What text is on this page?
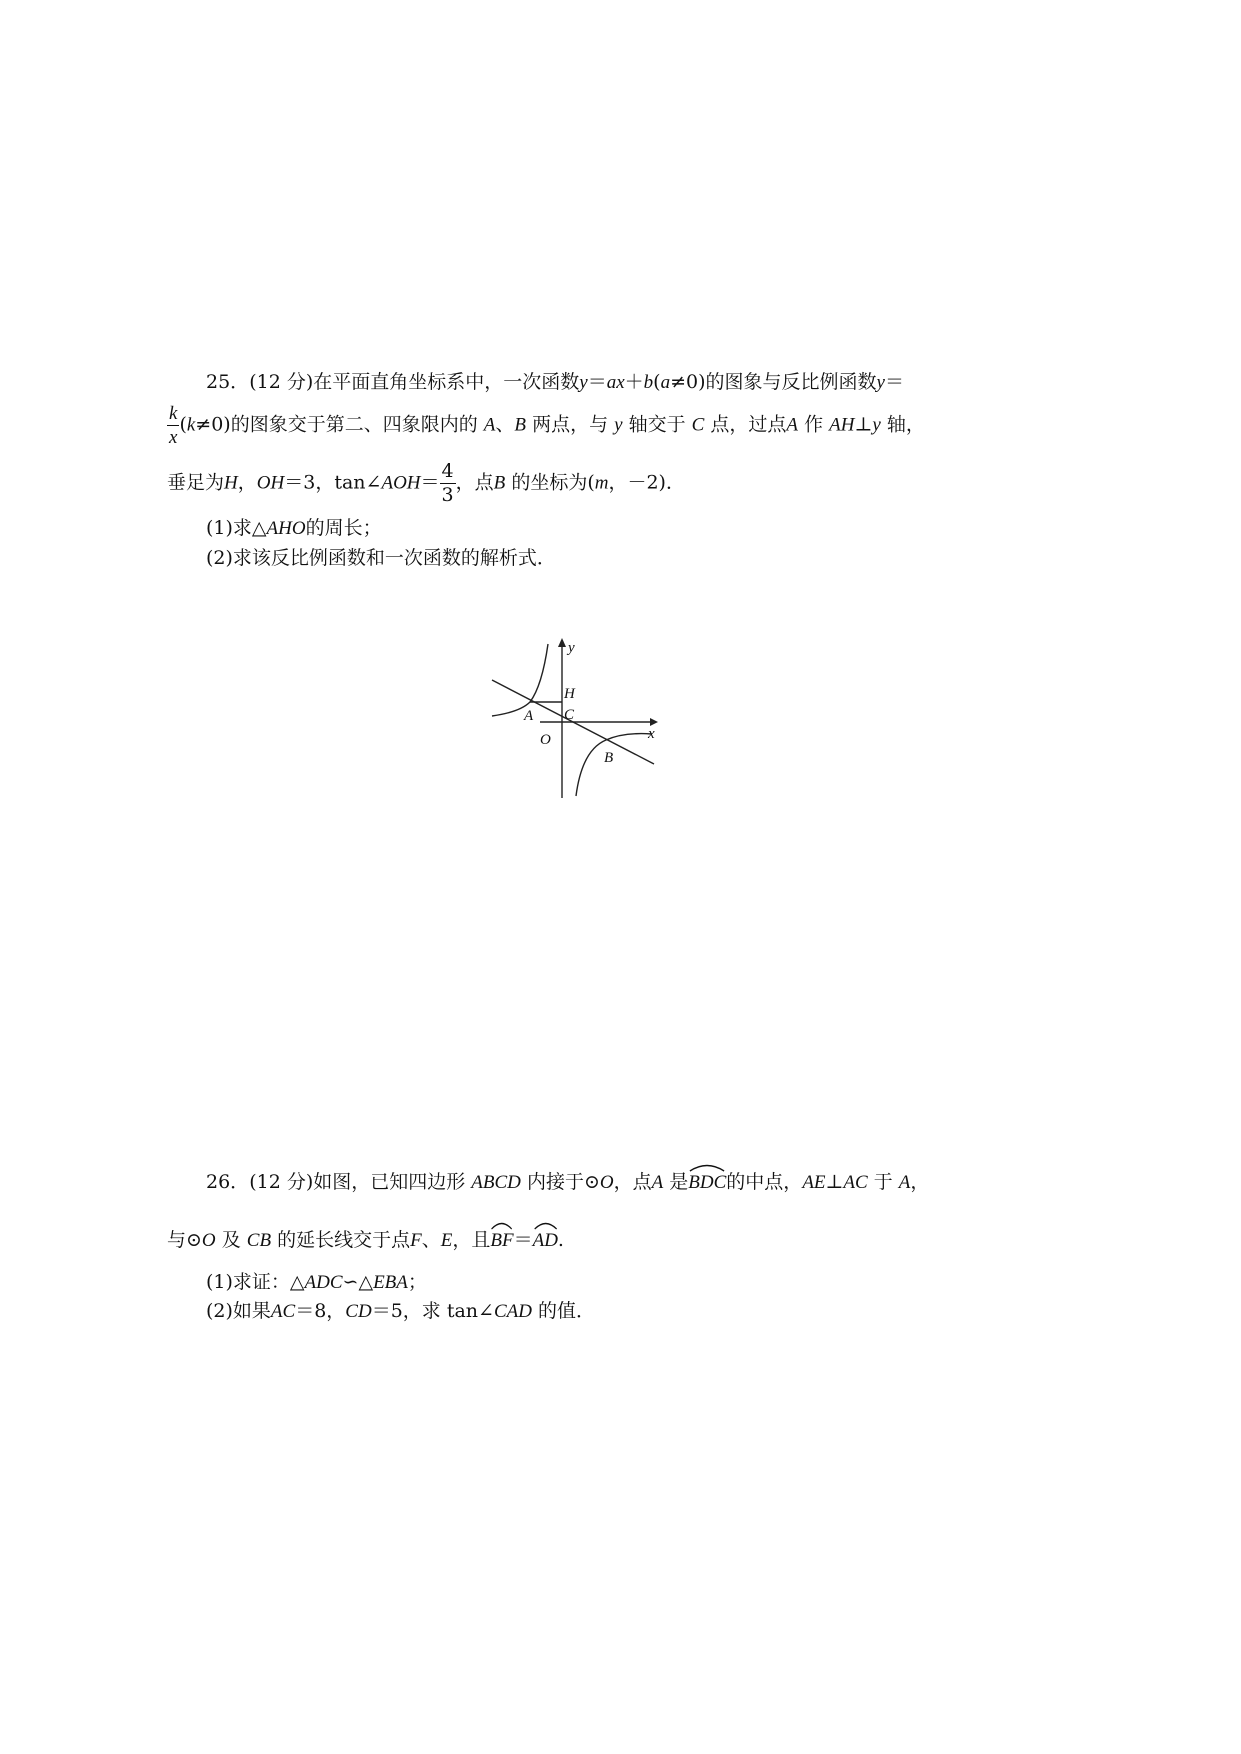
25．(12 分)在平面直角坐标系中，一次函数y＝ax＋b(a≠0)的图象与反比例函数y＝
$\frac{k}{x} (k\ne 0)$的图象交于第二、四象限内的 A、B 两点，与 y 轴交于 C 点，过点A 作 AH⊥y 轴，
垂足为H，OH＝3，tan∠AOH＝ $\frac{4}{3}$ ，点B 的坐标为(m，－2)．
(1)求△AHO的周长；
(2)求该反比例函数和一次函数的解析式．
y
x
H
A C
O
B
26．(12 分)如图，已知四边形 ABCD 内接于⊙O，点A 是
BDC的中点，AE⊥AC 于 A，
与⊙O 及 CB 的延长线交于点F、E，且
BF＝
AD.
(1)求证：△ADC∽△EBA；
(2)如果AC＝8，CD＝5，求 tan∠CAD 的值．
